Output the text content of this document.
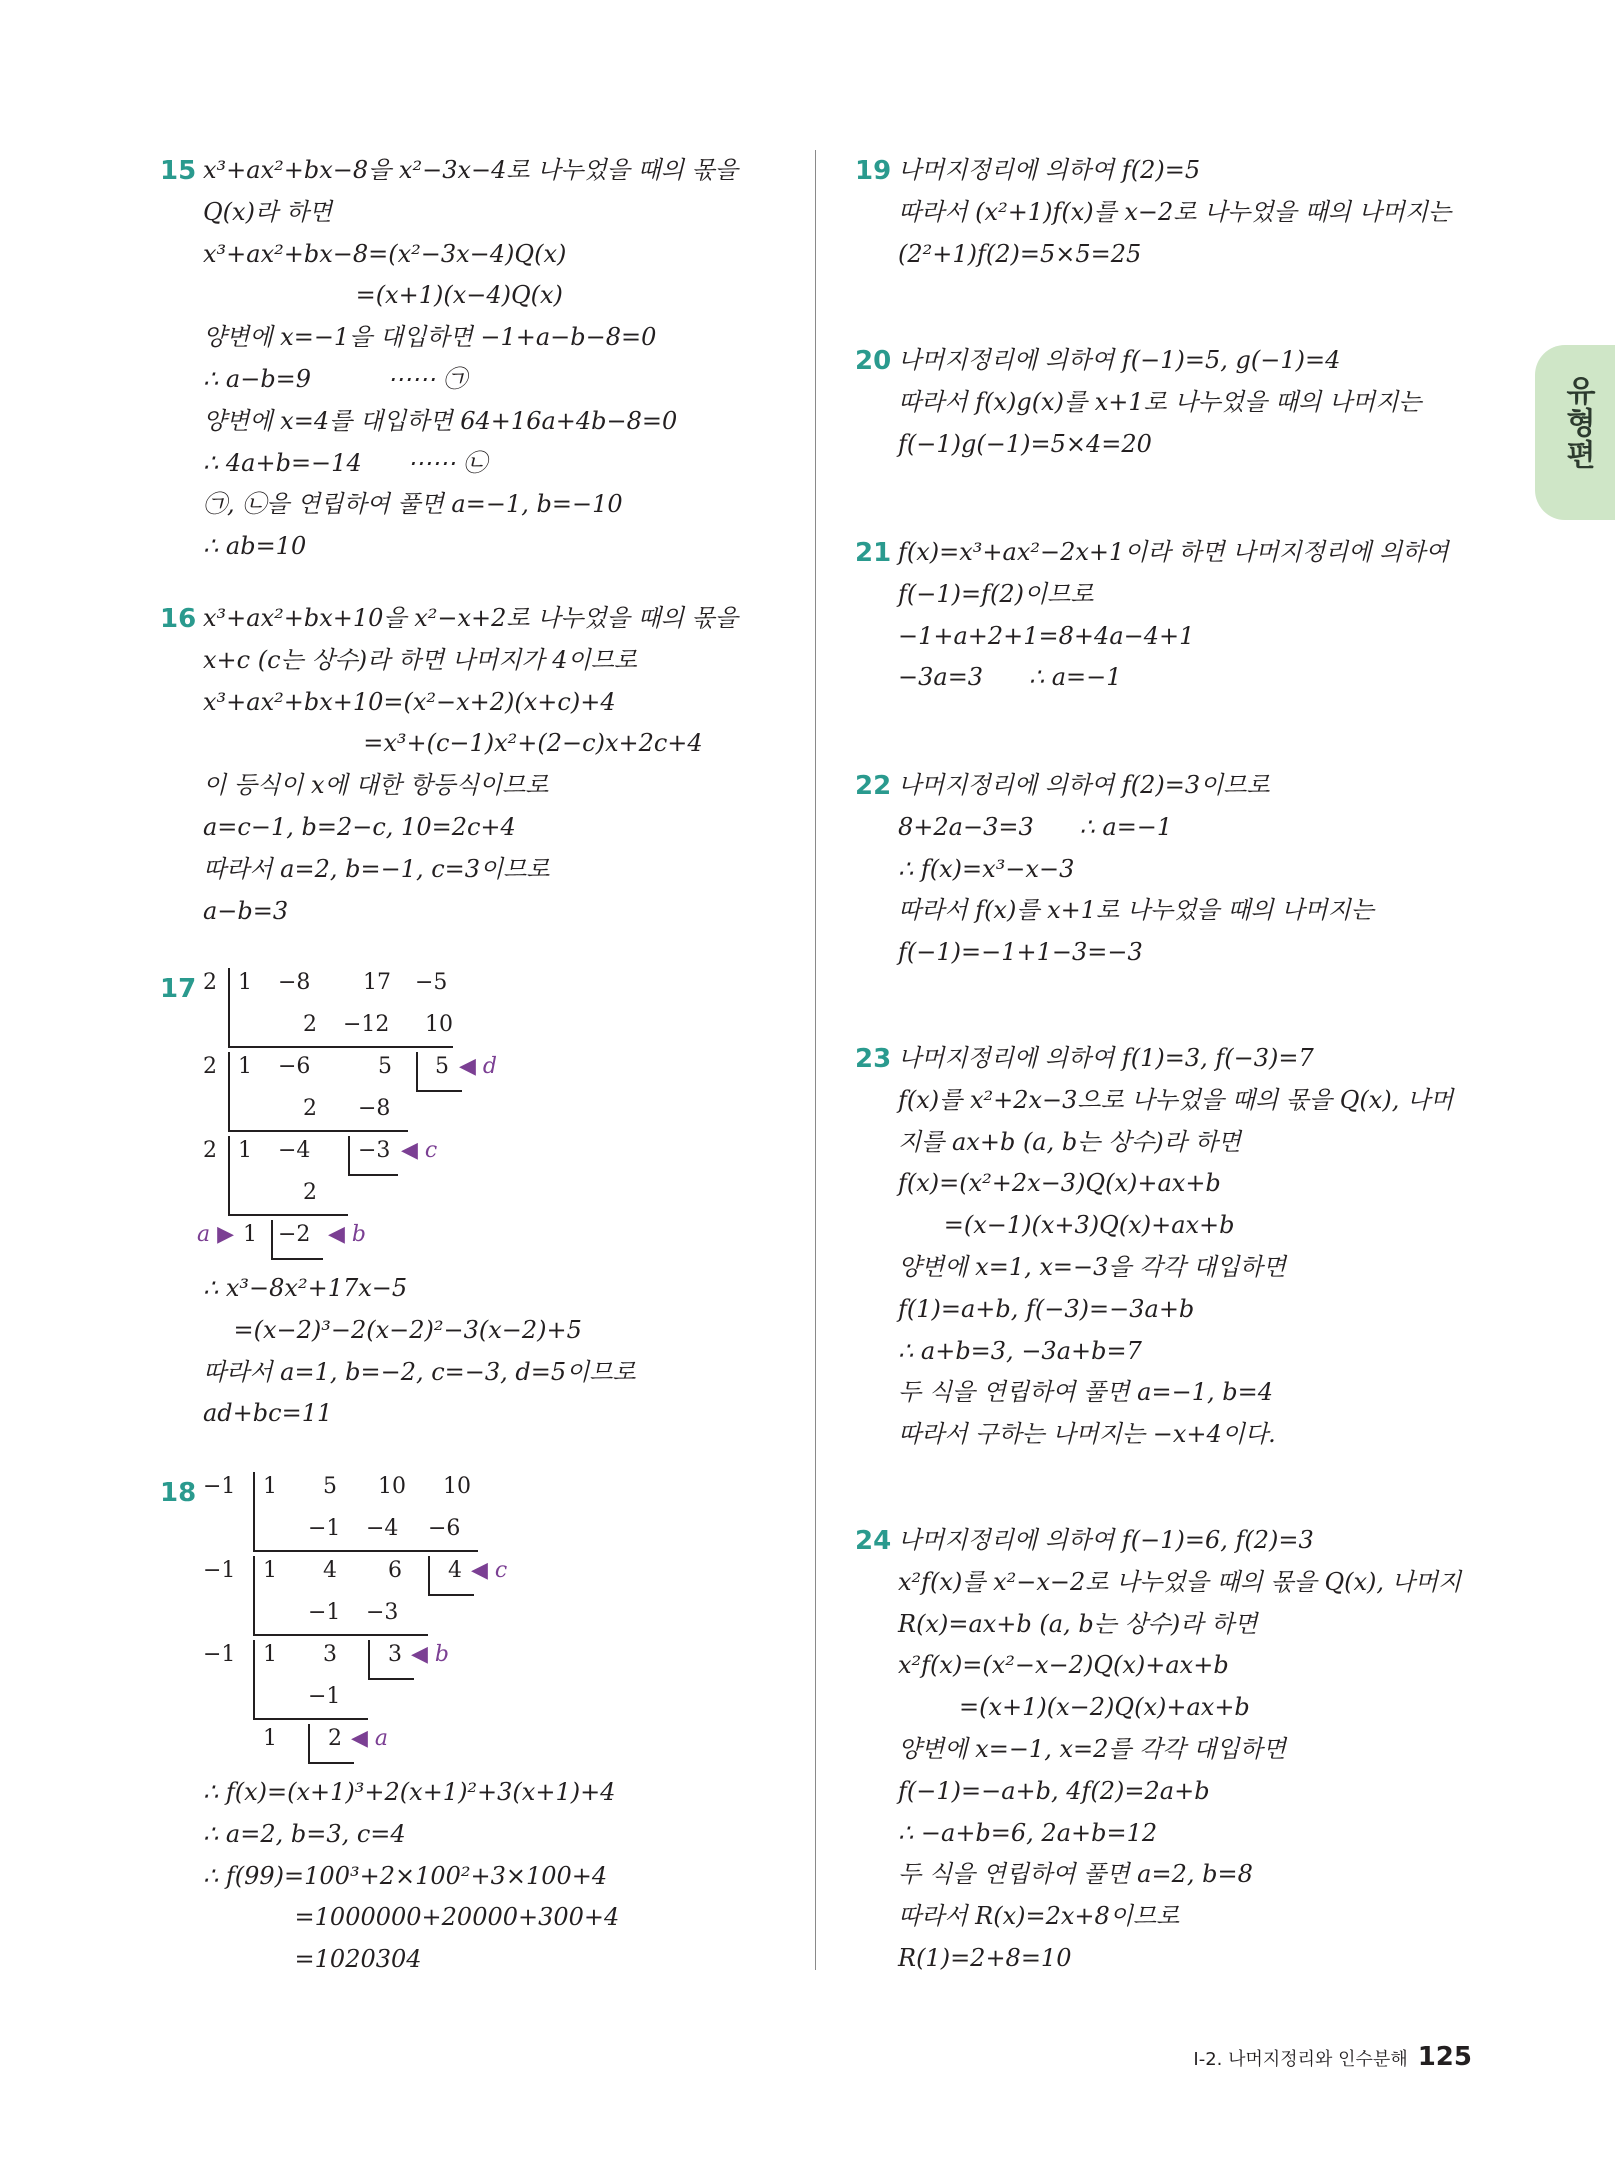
15 x³+ax²+bx−8을 x²−3x−4로 나누었을 때의 몫을
Q(x)라 하면
x³+ax²+bx−8=(x²−3x−4)Q(x)
=(x+1)(x−4)Q(x)
양변에 x=−1을 대입하면 −1+a−b−8=0
∴ a−b=9          ⋯⋯ ㉠
양변에 x=4를 대입하면 64+16a+4b−8=0
∴ 4a+b=−14      ⋯⋯ ㉡
㉠, ㉡을 연립하여 풀면 a=−1, b=−10
∴ ab=10
16 x³+ax²+bx+10을 x²−x+2로 나누었을 때의 몫을
x+c (c는 상수)라 하면 나머지가 4이므로
x³+ax²+bx+10=(x²−x+2)(x+c)+4
=x³+(c−1)x²+(2−c)x+2c+4
이 등식이 x에 대한 항등식이므로
a=c−1, b=2−c, 10=2c+4
따라서 a=2, b=−1, c=3이므로
a−b=3
17 2 1 −8 17 −5
2 −12 10
2 1 −6	5 5 ◀ d
2 −8
2 1 −4 −3 ◀ c
2
a ▶ 1 −2 ◀ b
∴ x³−8x²+17x−5
=(x−2)³−2(x−2)²−3(x−2)+5
따라서 a=1, b=−2, c=−3, d=5이므로
ad+bc=11
18 −1 1 5 10 10
−1 −4 −6
−1 1 4 6 4 ◀ c
−1 −3
−1 1 3 3 ◀ b
−1
1 2 ◀ a
∴ f(x)=(x+1)³+2(x+1)²+3(x+1)+4
∴ a=2, b=3, c=4
∴ f(99)=100³+2×100²+3×100+4
=1000000+20000+300+4
=1020304
19 나머지정리에 의하여 f(2)=5
따라서 (x²+1)f(x)를 x−2로 나누었을 때의 나머지는
(2²+1)f(2)=5×5=25
20 나머지정리에 의하여 f(−1)=5, g(−1)=4
따라서 f(x)g(x)를 x+1로 나누었을 때의 나머지는
f(−1)g(−1)=5×4=20
21 f(x)=x³+ax²−2x+1이라 하면 나머지정리에 의하여
f(−1)=f(2)이므로
−1+a+2+1=8+4a−4+1
−3a=3      ∴ a=−1
22 나머지정리에 의하여 f(2)=3이므로
8+2a−3=3      ∴ a=−1
∴ f(x)=x³−x−3
따라서 f(x)를 x+1로 나누었을 때의 나머지는
f(−1)=−1+1−3=−3
23 나머지정리에 의하여 f(1)=3, f(−3)=7
f(x)를 x²+2x−3으로 나누었을 때의 몫을 Q(x), 나머
지를 ax+b (a, b는 상수)라 하면
f(x)=(x²+2x−3)Q(x)+ax+b
=(x−1)(x+3)Q(x)+ax+b
양변에 x=1, x=−3을 각각 대입하면
f(1)=a+b, f(−3)=−3a+b
∴ a+b=3, −3a+b=7
두 식을 연립하여 풀면 a=−1, b=4
따라서 구하는 나머지는 −x+4이다.
24 나머지정리에 의하여 f(−1)=6, f(2)=3
x²f(x)를 x²−x−2로 나누었을 때의 몫을 Q(x), 나머지
R(x)=ax+b (a, b는 상수)라 하면
x²f(x)=(x²−x−2)Q(x)+ax+b
=(x+1)(x−2)Q(x)+ax+b
양변에 x=−1, x=2를 각각 대입하면
f(−1)=−a+b, 4f(2)=2a+b
∴ −a+b=6, 2a+b=12
두 식을 연립하여 풀면 a=2, b=8
따라서 R(x)=2x+8이므로
R(1)=2+8=10
유형편
I-2. 나머지정리와 인수분해 125
